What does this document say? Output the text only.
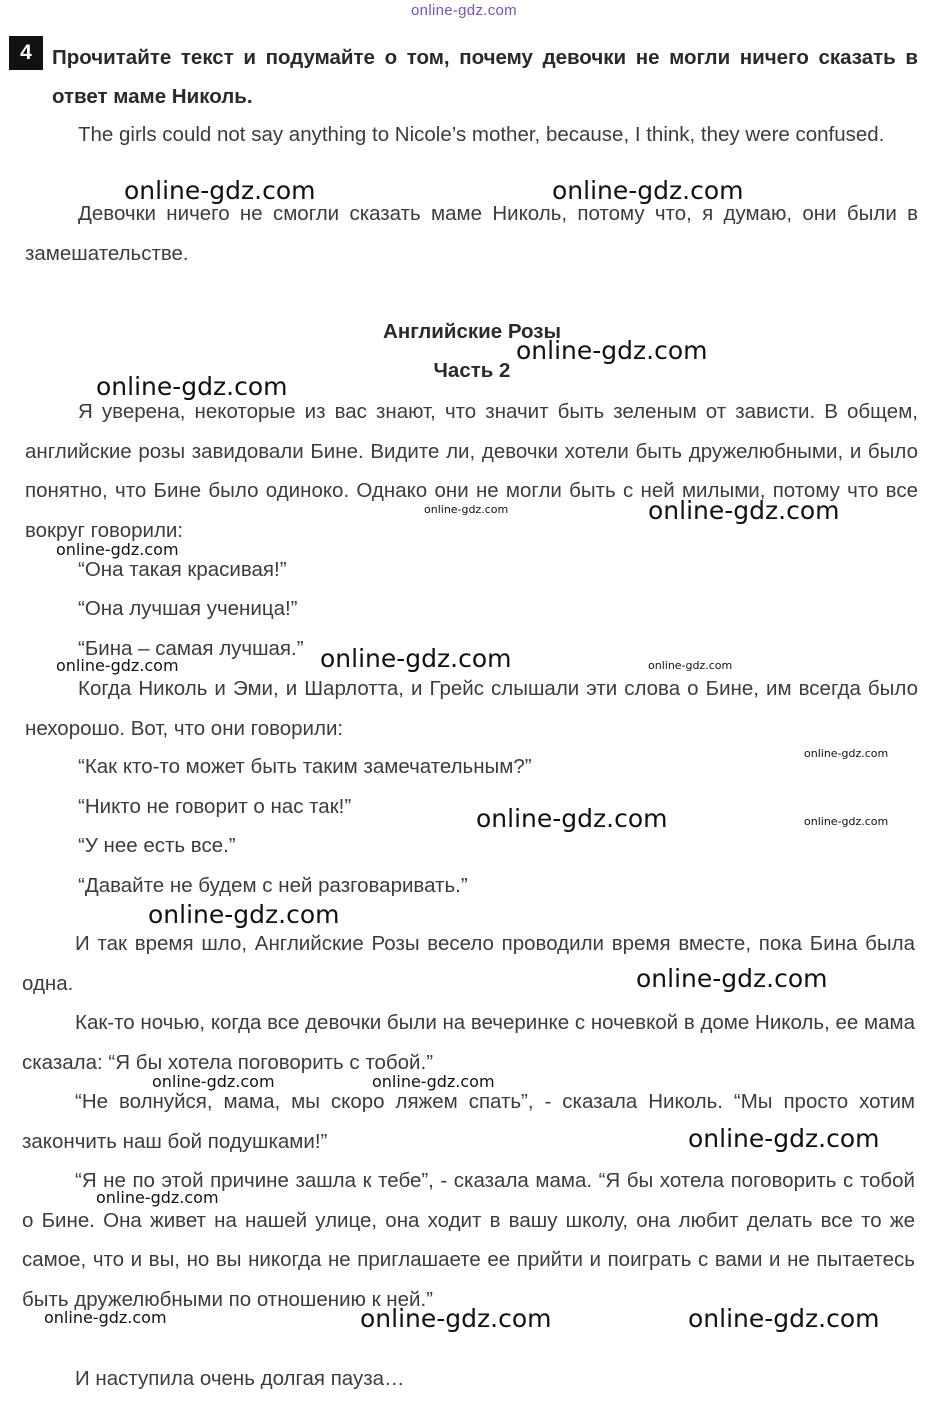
online-gdz.com
4 Прочитайте текст и подумайте о том, почему девочки не могли ничего сказать в ответ маме Николь.

The girls could not say anything to Nicole’s mother, because, I think, they were confused.

Девочки ничего не смогли сказать маме Николь, потому что, я думаю, они были в замешательстве.

Английские Розы
Часть 2

Я уверена, некоторые из вас знают, что значит быть зеленым от зависти. В общем, английские розы завидовали Бине. Видите ли, девочки хотели быть дружелюбными, и было понятно, что Бине было одиноко. Однако они не могли быть с ней милыми, потому что все вокруг говорили:

“Она такая красивая!”
“Она лучшая ученица!”
“Бина – самая лучшая.”

Когда Николь и Эми, и Шарлотта, и Грейс слышали эти слова о Бине, им всегда было нехорошо. Вот, что они говорили:

“Как кто-то может быть таким замечательным?”
“Никто не говорит о нас так!”
“У нее есть все.”
“Давайте не будем с ней разговаривать.”

И так время шло, Английские Розы весело проводили время вместе, пока Бина была одна.

Как-то ночью, когда все девочки были на вечеринке с ночевкой в доме Николь, ее мама сказала: “Я бы хотела поговорить с тобой.”

“Не волнуйся, мама, мы скоро ляжем спать”, - сказала Николь. “Мы просто хотим закончить наш бой подушками!”

“Я не по этой причине зашла к тебе”, - сказала мама. “Я бы хотела поговорить с тобой о Бине. Она живет на нашей улице, она ходит в вашу школу, она любит делать все то же самое, что и вы, но вы никогда не приглашаете ее прийти и поиграть с вами и не пытаетесь быть дружелюбными по отношению к ней.”

И наступила очень долгая пауза…

online-gdz.com	online-gdz.com
online-gdz.com
online-gdz.com
online-gdz.com	online-gdz.com
online-gdz.com
online-gdz.com
online-gdz.com	online-gdz.com
online-gdz.com
online-gdz.com	online-gdz.com
online-gdz.com
online-gdz.com
online-gdz.com	online-gdz.com
online-gdz.com
online-gdz.com
online-gdz.com	online-gdz.com	online-gdz.com
